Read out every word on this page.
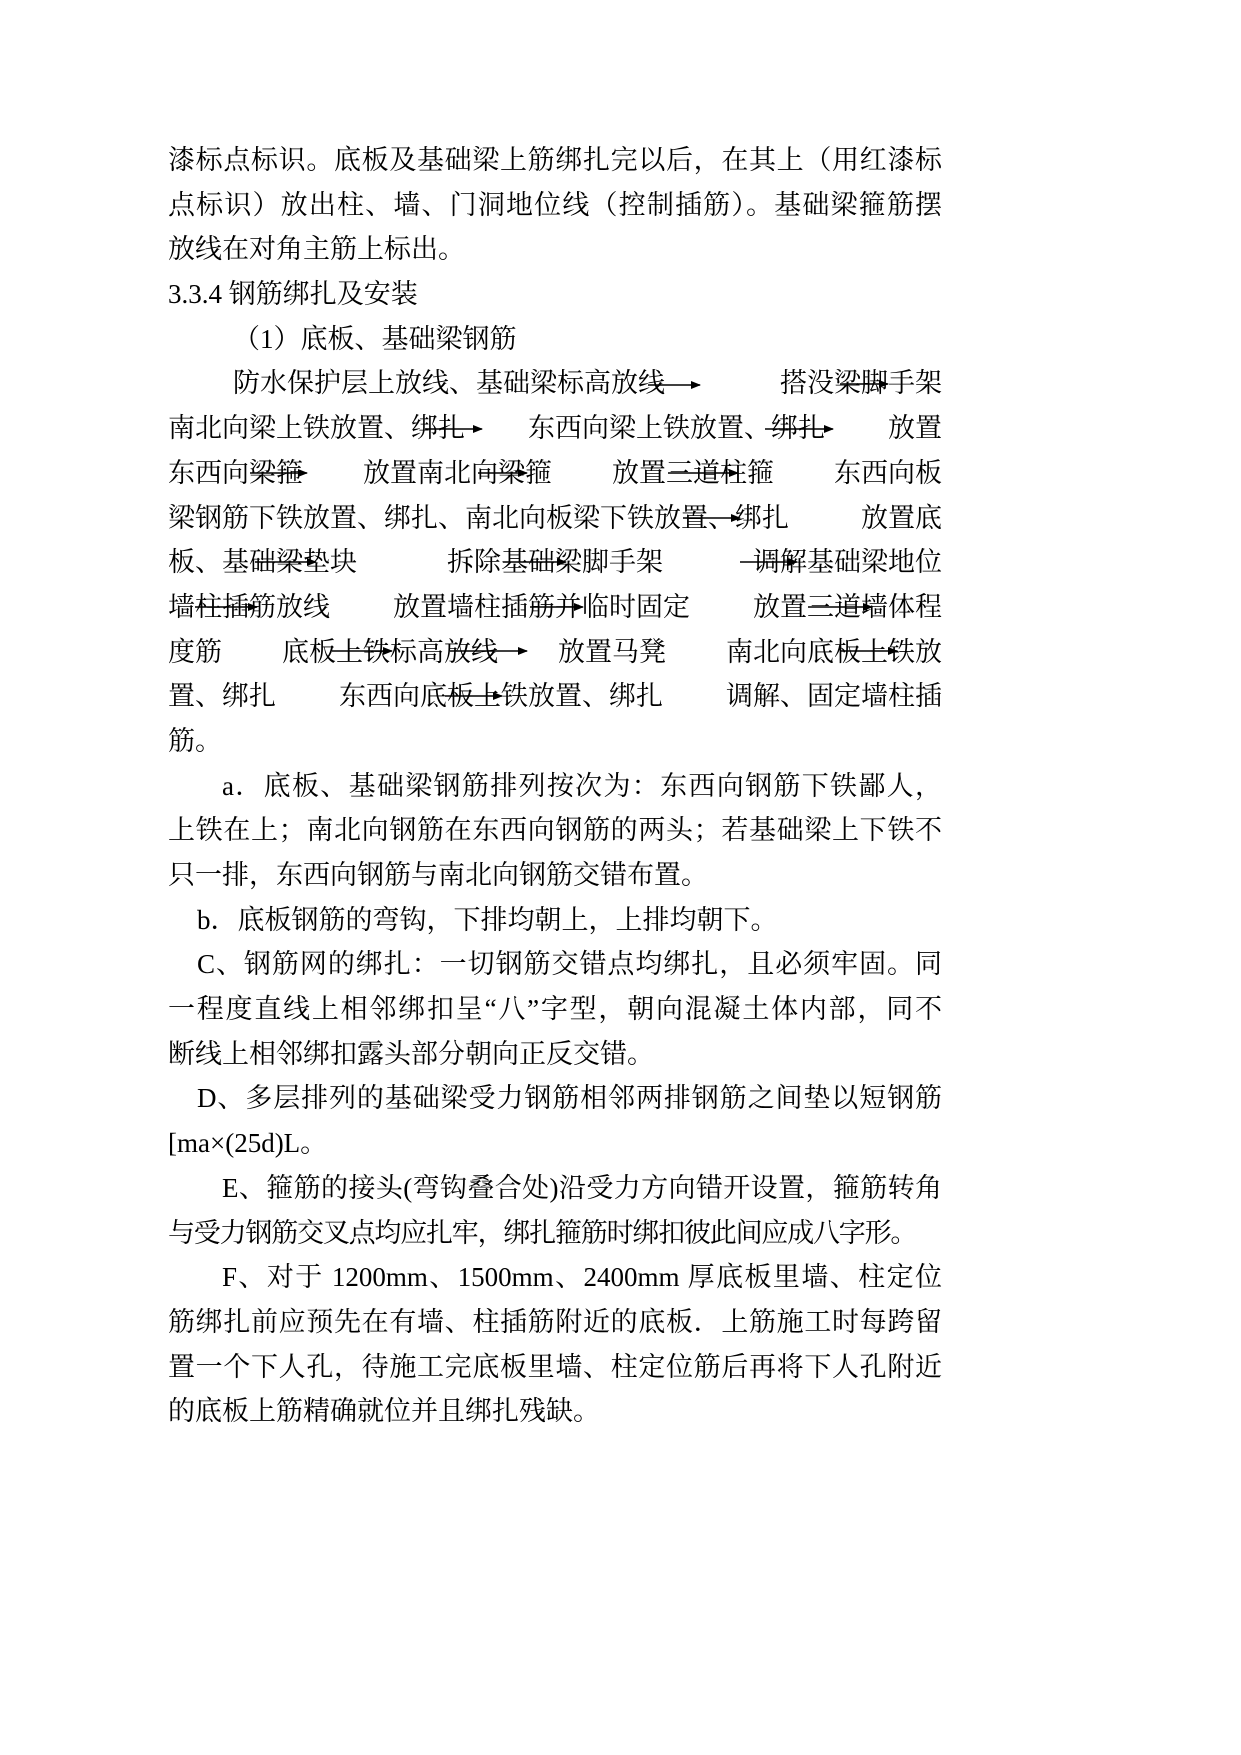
漆标点标识。底板及基础梁上筋绑扎完以后，在其上（用红漆标
点标识）放出柱、墙、门洞地位线（控制插筋）。基础梁箍筋摆
放线在对角主筋上标出。
3.3.4 钢筋绑扎及安装
（1）底板、基础梁钢筋
防水保护层上放线、基础梁标高放线	搭没梁脚手架
南北向梁上铁放置、绑扎 东西向梁上铁放置、绑扎 放置
东西向梁箍 放置南北向梁箍 放置三道柱箍 东西向板
梁钢筋下铁放置、绑扎、南北向板梁下铁放置、绑扎	放置底
板、基础梁垫块	拆除基础梁脚手架	调解基础梁地位
墙柱插筋放线 放置墙柱插筋并临时固定 放置三道墙体程
度筋 底板上铁标高放线 放置马凳 南北向底板上铁放
置、绑扎 东西向底板上铁放置、绑扎 调解、固定墙柱插
筋。
a．底板、基础梁钢筋排列按次为：东西向钢筋下铁鄙人，
上铁在上；南北向钢筋在东西向钢筋的两头；若基础梁上下铁不
只一排，东西向钢筋与南北向钢筋交错布置。
b．底板钢筋的弯钩，下排均朝上，上排均朝下。
C、钢筋网的绑扎：一切钢筋交错点均绑扎，且必须牢固。同
一程度直线上相邻绑扣呈“八”字型，朝向混凝土体内部，同不
断线上相邻绑扣露头部分朝向正反交错。
D、多层排列的基础梁受力钢筋相邻两排钢筋之间垫以短钢筋
[ma×(25d)L。
E、箍筋的接头(弯钩叠合处)沿受力方向错开设置，箍筋转角
与受力钢筋交叉点均应扎牢，绑扎箍筋时绑扣彼此间应成八字形。
F、对于 1200mm、1500mm、2400mm 厚底板里墙、柱定位
筋绑扎前应预先在有墙、柱插筋附近的底板．上筋施工时每跨留
置一个下人孔，待施工完底板里墙、柱定位筋后再将下人孔附近
的底板上筋精确就位并且绑扎残缺。
